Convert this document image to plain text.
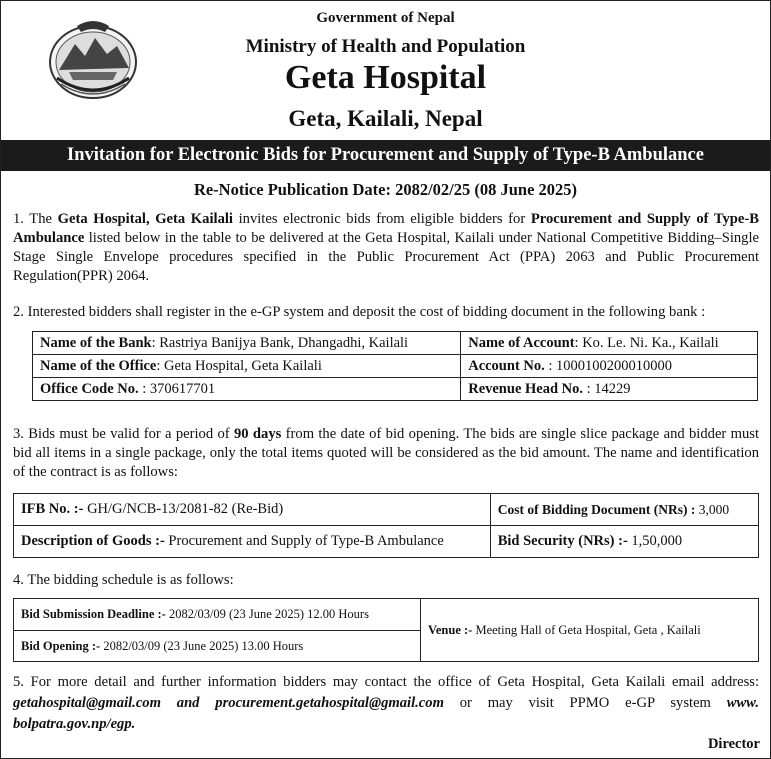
Government of Nepal
Ministry of Health and Population
Geta Hospital
Geta, Kailali, Nepal
Invitation for Electronic Bids for Procurement and Supply of Type-B Ambulance
Re-Notice Publication Date: 2082/02/25 (08 June 2025)
1. The Geta Hospital, Geta Kailali invites electronic bids from eligible bidders for Procurement and Supply of Type-B Ambulance listed below in the table to be delivered at the Geta Hospital, Kailali under National Competitive Bidding–Single Stage Single Envelope procedures specified in the Public Procurement Act (PPA) 2063 and Public Procurement Regulation(PPR) 2064.
2. Interested bidders shall register in the e-GP system and deposit the cost of bidding document in the following bank :
Name of the Bank: Rastriya Banijya Bank, Dhangadhi, Kailali	Name of Account: Ko. Le. Ni. Ka., Kailali
Name of the Office: Geta Hospital, Geta Kailali	Account No. : 1000100200010000
Office Code No. : 370617701	Revenue Head No. : 14229
3. Bids must be valid for a period of 90 days from the date of bid opening. The bids are single slice package and bidder must bid all items in a single package, only the total items quoted will be considered as the bid amount. The name and identification of the contract is as follows:
IFB No. :- GH/G/NCB-13/2081-82 (Re-Bid)	Cost of Bidding Document (NRs) : 3,000
Description of Goods :- Procurement and Supply of Type-B Ambulance	Bid Security (NRs) :- 1,50,000
4. The bidding schedule is as follows:
Bid Submission Deadline :- 2082/03/09 (23 June 2025) 12.00 Hours	Venue :- Meeting Hall of Geta Hospital, Geta , Kailali
Bid Opening :- 2082/03/09 (23 June 2025) 13.00 Hours
5. For more detail and further information bidders may contact the office of Geta Hospital, Geta Kailali email address: getahospital@gmail.com and procurement.getahospital@gmail.com or may visit PPMO e-GP system www. bolpatra.gov.np/egp.
Director
